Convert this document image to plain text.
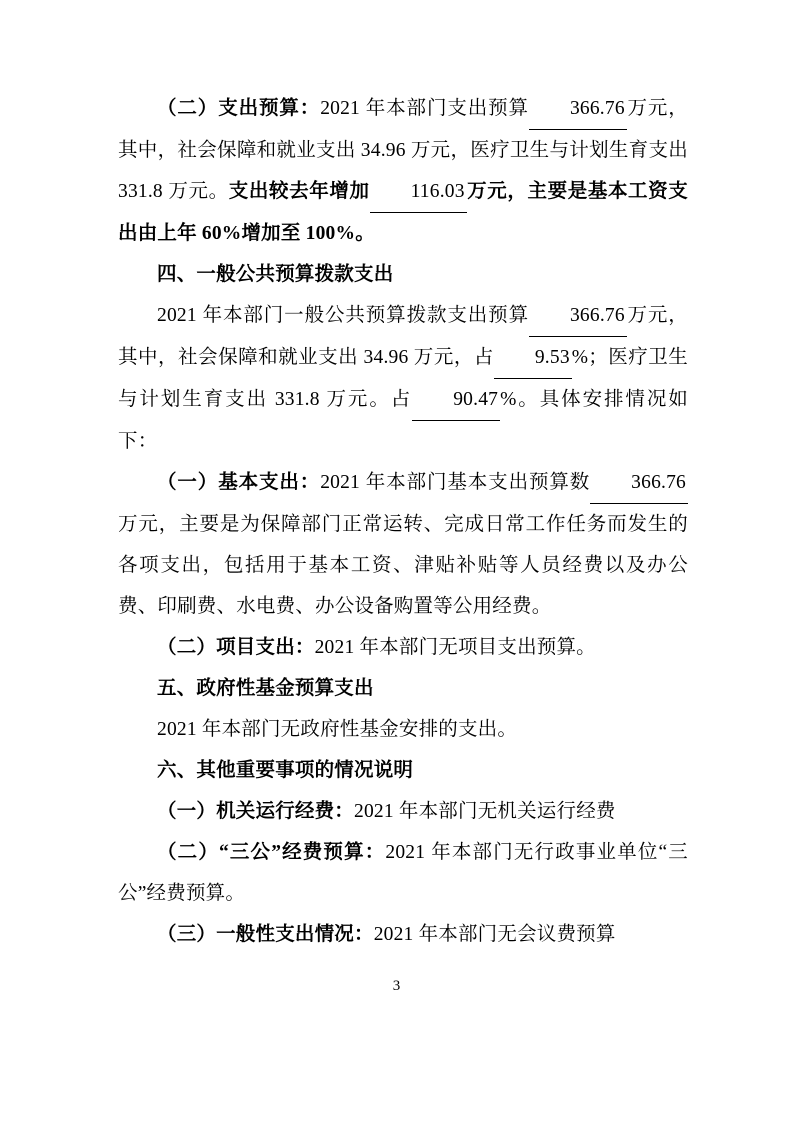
（二）支出预算：2021 年本部门支出预算 366.76 万元，其中，社会保障和就业支出 34.96 万元，医疗卫生与计划生育支出 331.8 万元。支出较去年增加 116.03 万元，主要是基本工资支出由上年 60%增加至 100%。

四、一般公共预算拨款支出

2021 年本部门一般公共预算拨款支出预算 366.76 万元，其中，社会保障和就业支出 34.96 万元，占 9.53 %；医疗卫生与计划生育支出 331.8 万元。占 90.47 %。具体安排情况如下：

（一）基本支出：2021 年本部门基本支出预算数 366.76万元，主要是为保障部门正常运转、完成日常工作任务而发生的各项支出，包括用于基本工资、津贴补贴等人员经费以及办公费、印刷费、水电费、办公设备购置等公用经费。

（二）项目支出：2021 年本部门无项目支出预算。

五、政府性基金预算支出

2021 年本部门无政府性基金安排的支出。

六、其他重要事项的情况说明

（一）机关运行经费：2021 年本部门无机关运行经费

（二）“三公”经费预算：2021 年本部门无行政事业单位“三公”经费预算。

（三）一般性支出情况：2021 年本部门无会议费预算

3
